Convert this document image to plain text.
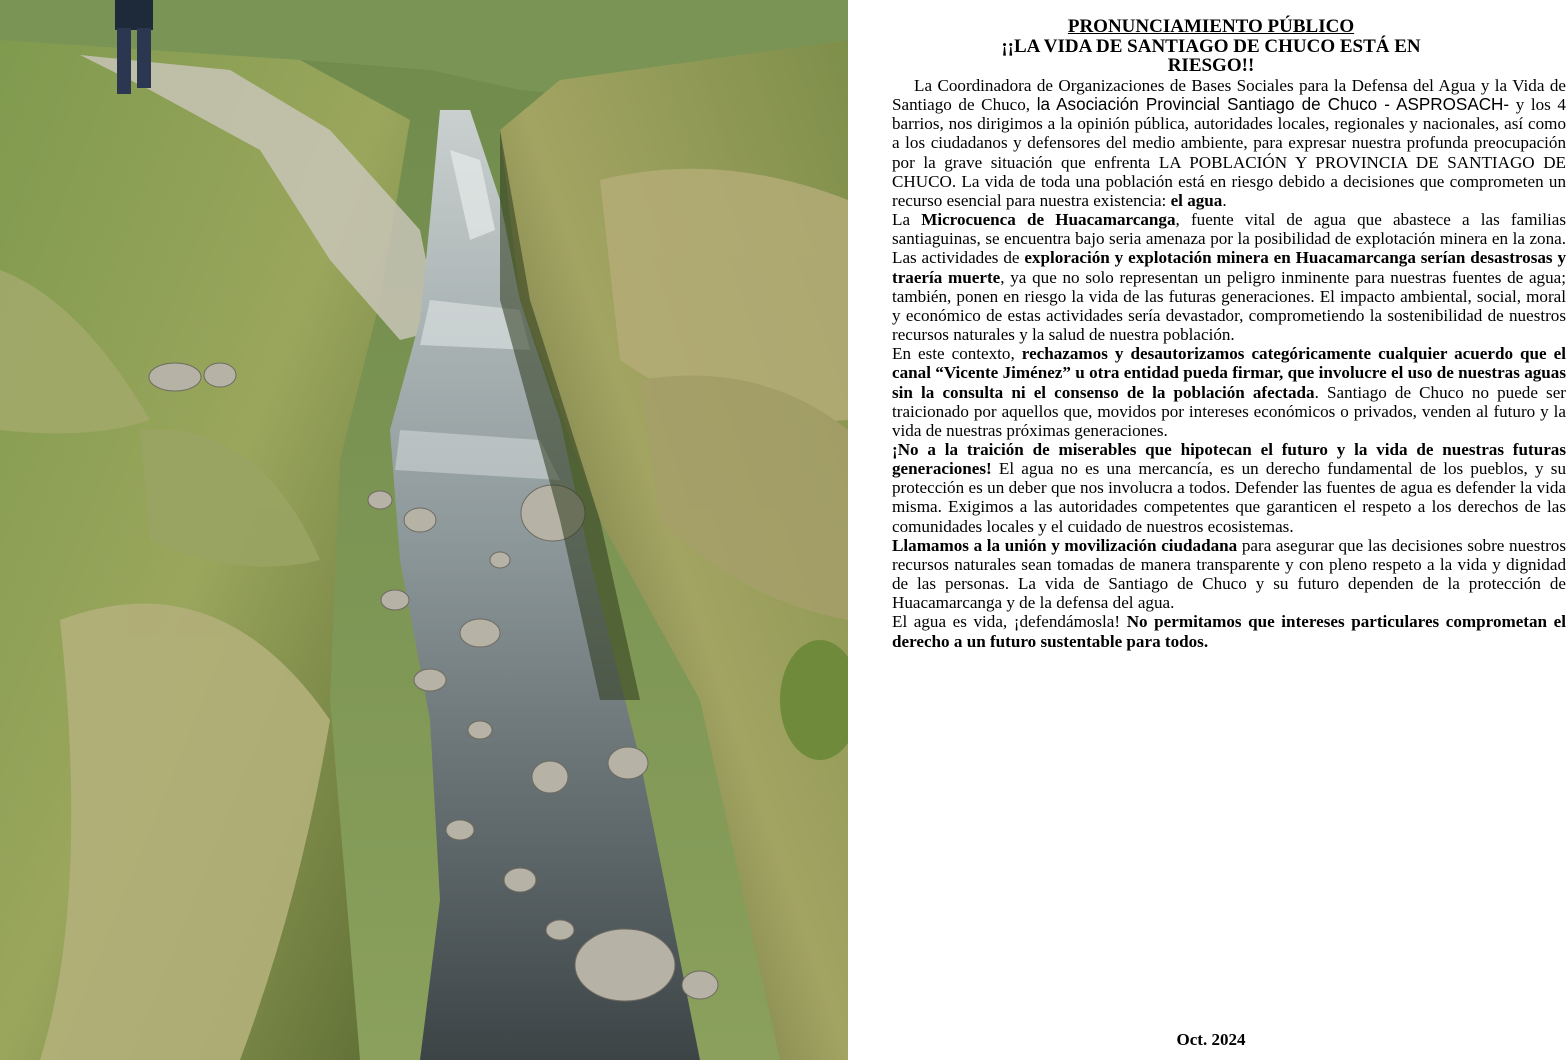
PRONUNCIAMIENTO PÚBLICO
¡¡LA VIDA DE SANTIAGO DE CHUCO ESTÁ EN
RIESGO!!

La Coordinadora de Organizaciones de Bases Sociales para la Defensa del Agua y la Vida de Santiago de Chuco, la Asociación Provincial Santiago de Chuco - ASPROSACH- y los 4 barrios, nos dirigimos a la opinión pública, autoridades locales, regionales y nacionales, así como a los ciudadanos y defensores del medio ambiente, para expresar nuestra profunda preocupación por la grave situación que enfrenta LA POBLACIÓN Y PROVINCIA DE SANTIAGO DE CHUCO. La vida de toda una población está en riesgo debido a decisiones que comprometen un recurso esencial para nuestra existencia: el agua.

La Microcuenca de Huacamarcanga, fuente vital de agua que abastece a las familias santiaguinas, se encuentra bajo seria amenaza por la posibilidad de explotación minera en la zona. Las actividades de exploración y explotación minera en Huacamarcanga serían desastrosas y traería muerte, ya que no solo representan un peligro inminente para nuestras fuentes de agua; también, ponen en riesgo la vida de las futuras generaciones. El impacto ambiental, social, moral y económico de estas actividades sería devastador, comprometiendo la sostenibilidad de nuestros recursos naturales y la salud de nuestra población.

En este contexto, rechazamos y desautorizamos categóricamente cualquier acuerdo que el canal “Vicente Jiménez” u otra entidad pueda firmar, que involucre el uso de nuestras aguas sin la consulta ni el consenso de la población afectada. Santiago de Chuco no puede ser traicionado por aquellos que, movidos por intereses económicos o privados, venden al futuro y la vida de nuestras próximas generaciones.

¡No a la traición de miserables que hipotecan el futuro y la vida de nuestras futuras generaciones! El agua no es una mercancía, es un derecho fundamental de los pueblos, y su protección es un deber que nos involucra a todos. Defender las fuentes de agua es defender la vida misma. Exigimos a las autoridades competentes que garanticen el respeto a los derechos de las comunidades locales y el cuidado de nuestros ecosistemas.

Llamamos a la unión y movilización ciudadana para asegurar que las decisiones sobre nuestros recursos naturales sean tomadas de manera transparente y con pleno respeto a la vida y dignidad de las personas. La vida de Santiago de Chuco y su futuro dependen de la protección de Huacamarcanga y de la defensa del agua.

El agua es vida, ¡defendámosla! No permitamos que intereses particulares comprometan el derecho a un futuro sustentable para todos.

Oct. 2024
